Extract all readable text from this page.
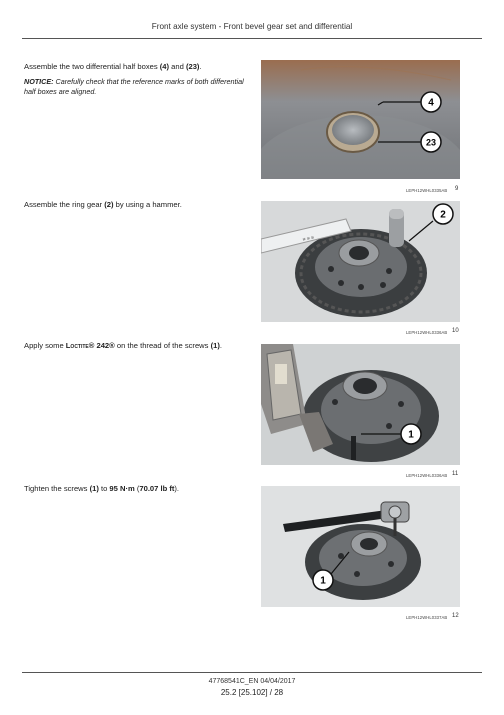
Front axle system - Front bevel gear set and differential
Assemble the two differential half boxes (4) and (23).
NOTICE: Carefully check that the reference marks of both differential half boxes are aligned.
4
23
LEPH12WHL0335AB 9
Assemble the ring gear (2) by using a hammer.
≡ ≡ ≡
2
LEPH12WHL0336AB 10
Apply some Loctite® 242® on the thread of the screws (1).
1
LEPH12WHL0336AB 11
Tighten the screws (1) to 95 N·m (70.07 lb ft).
1
LEPH12WHL0337AB 12
47768541C_EN 04/04/2017
25.2 [25.102] / 28
